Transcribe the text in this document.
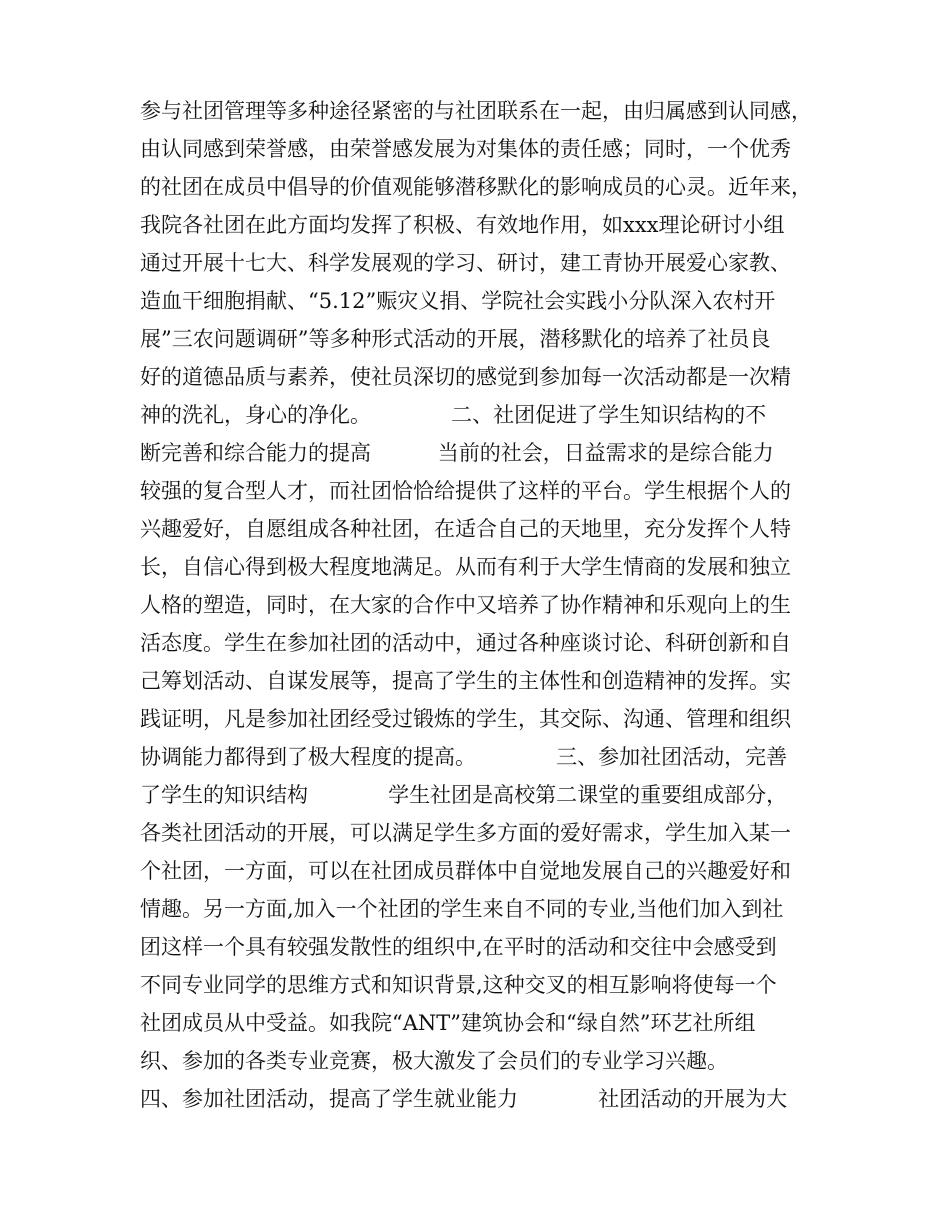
参与社团管理等多种途径紧密的与社团联系在一起，由归属感到认同感，
由认同感到荣誉感，由荣誉感发展为对集体的责任感；同时，一个优秀
的社团在成员中倡导的价值观能够潜移默化的影响成员的心灵。近年来，
我院各社团在此方面均发挥了积极、有效地作用，如xxx理论研讨小组
通过开展十七大、科学发展观的学习、研讨，建工青协开展爱心家教、
造血干细胞捐献、“5.12”赈灾义捐、学院社会实践小分队深入农村开
展”三农问题调研”等多种形式活动的开展，潜移默化的培养了社员良
好的道德品质与素养，使社员深切的感觉到参加每一次活动都是一次精
神的洗礼，身心的净化。            二、社团促进了学生知识结构的不
断完善和综合能力的提高          当前的社会，日益需求的是综合能力
较强的复合型人才，而社团恰恰给提供了这样的平台。学生根据个人的
兴趣爱好，自愿组成各种社团，在适合自己的天地里，充分发挥个人特
长，自信心得到极大程度地满足。从而有利于大学生情商的发展和独立
人格的塑造，同时，在大家的合作中又培养了协作精神和乐观向上的生
活态度。学生在参加社团的活动中，通过各种座谈讨论、科研创新和自
己筹划活动、自谋发展等，提高了学生的主体性和创造精神的发挥。实
践证明，凡是参加社团经受过锻炼的学生，其交际、沟通、管理和组织
协调能力都得到了极大程度的提高。            三、参加社团活动，完善
了学生的知识结构            学生社团是高校第二课堂的重要组成部分，
各类社团活动的开展，可以满足学生多方面的爱好需求，学生加入某一
个社团，一方面，可以在社团成员群体中自觉地发展自己的兴趣爱好和
情趣。另一方面,加入一个社团的学生来自不同的专业,当他们加入到社
团这样一个具有较强发散性的组织中,在平时的活动和交往中会感受到
不同专业同学的思维方式和知识背景,这种交叉的相互影响将使每一个
社团成员从中受益。如我院“ANT”建筑协会和“绿自然”环艺社所组
织、参加的各类专业竞赛，极大激发了会员们的专业学习兴趣。
四、参加社团活动，提高了学生就业能力            社团活动的开展为大
